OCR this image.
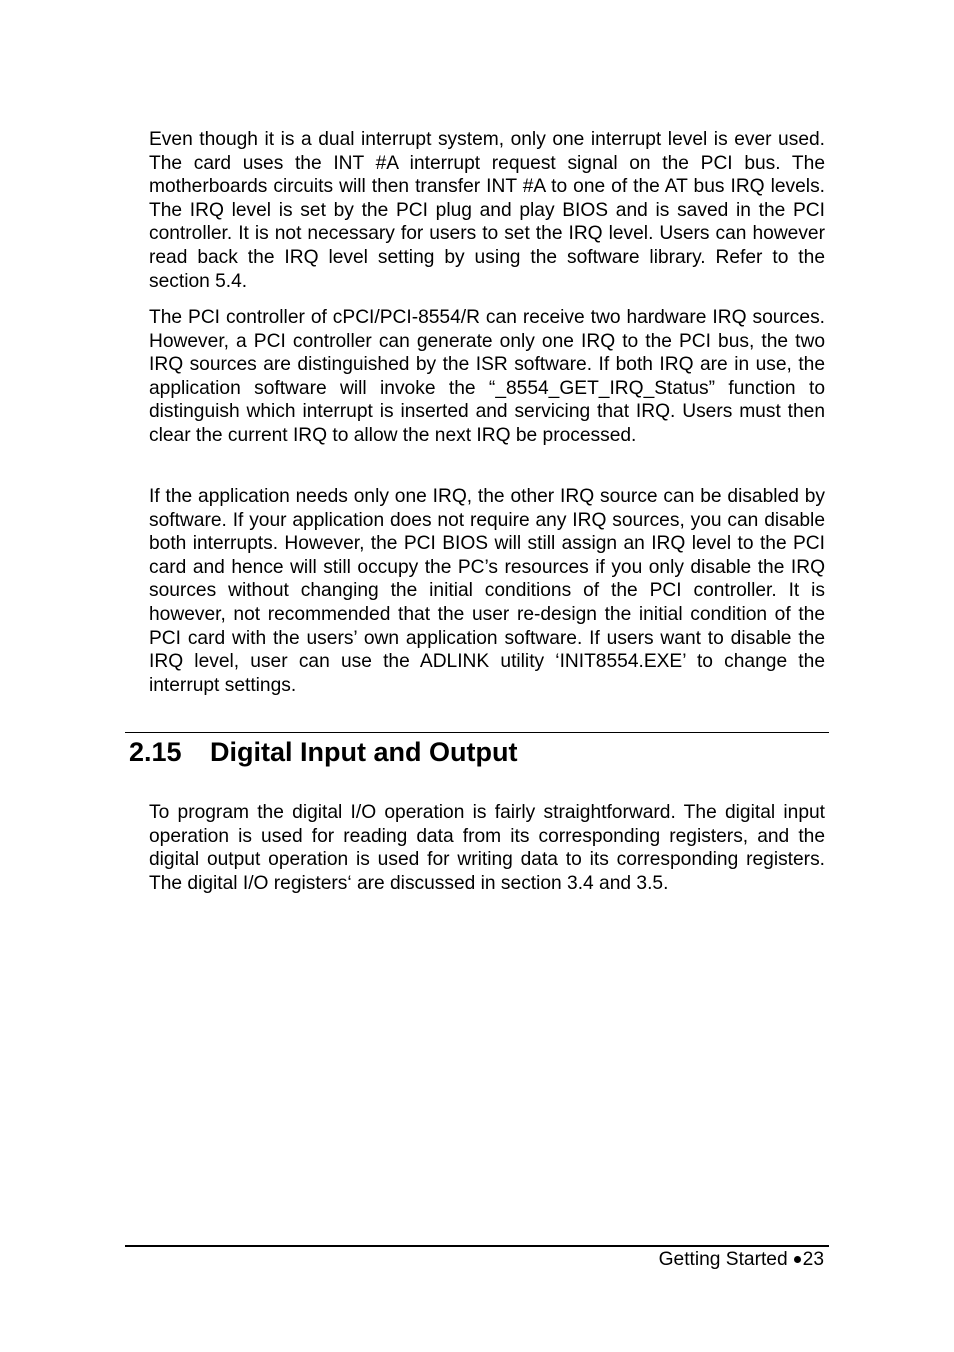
Even though it is a dual interrupt system, only one interrupt level is ever used. The card uses the INT #A interrupt request signal on the PCI bus. The motherboards circuits will then transfer INT #A to one of the AT bus IRQ levels. The IRQ level is set by the PCI plug and play BIOS and is saved in the PCI controller. It is not necessary for users to set the IRQ level. Users can however read back the IRQ level setting by using the software library. Refer to the section 5.4.

The PCI controller of cPCI/PCI-8554/R can receive two hardware IRQ sources. However, a PCI controller can generate only one IRQ to the PCI bus, the two IRQ sources are distinguished by the ISR software. If both IRQ are in use, the application software will invoke the “_8554_GET_IRQ_Status” function to distinguish which interrupt is inserted and servicing that IRQ. Users must then clear the current IRQ to allow the next IRQ be processed.

If the application needs only one IRQ, the other IRQ source can be disabled by software. If your application does not require any IRQ sources, you can disable both interrupts. However, the PCI BIOS will still assign an IRQ level to the PCI card and hence will still occupy the PC’s resources if you only disable the IRQ sources without changing the initial conditions of the PCI controller. It is however, not recommended that the user re-design the initial condition of the PCI card with the users’ own application software. If users want to disable the IRQ level, user can use the ADLINK utility ‘INIT8554.EXE’ to change the interrupt settings.

2.15 Digital Input and Output

To program the digital I/O operation is fairly straightforward. The digital input operation is used for reading data from its corresponding registers, and the digital output operation is used for writing data to its corresponding registers. The digital I/O registers‘ are discussed in section 3.4 and 3.5.

Getting Started 23
